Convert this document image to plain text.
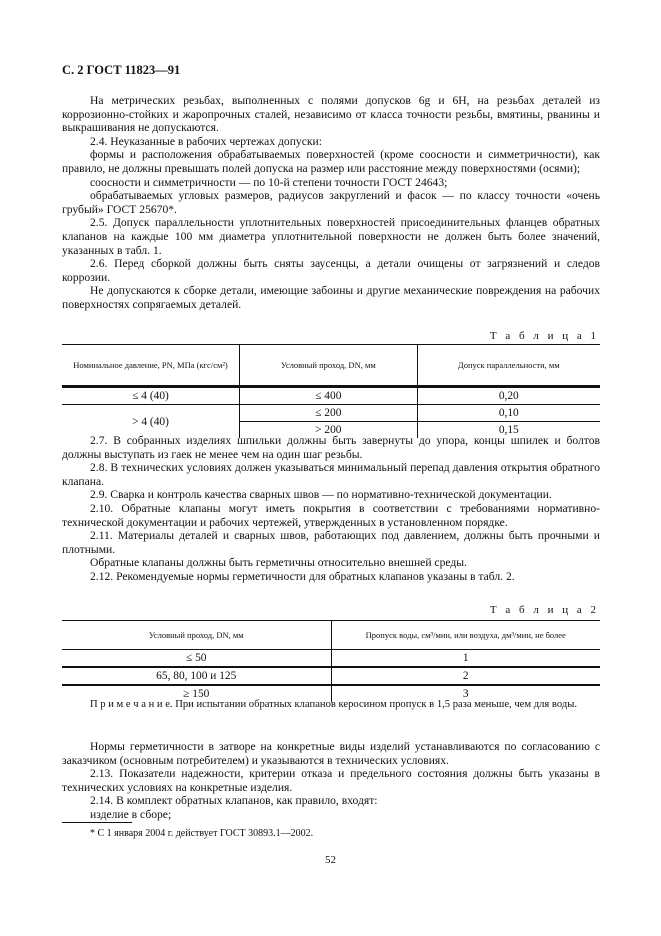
С. 2 ГОСТ 11823—91

На метрических резьбах, выполненных с полями допусков 6g и 6H, на резьбах деталей из коррозионно-стойких и жаропрочных сталей, независимо от класса точности резьбы, вмятины, рванины и выкрашивания не допускаются.

2.4. Неуказанные в рабочих чертежах допуски:

формы и расположения обрабатываемых поверхностей (кроме соосности и симметричности), как правило, не должны превышать полей допуска на размер или расстояние между поверхностями (осями);

соосности и симметричности — по 10-й степени точности ГОСТ 24643;

обрабатываемых угловых размеров, радиусов закруглений и фасок — по классу точности «очень грубый» ГОСТ 25670*.

2.5. Допуск параллельности уплотнительных поверхностей присоединительных фланцев обратных клапанов на каждые 100 мм диаметра уплотнительной поверхности не должен быть более значений, указанных в табл. 1.

2.6. Перед сборкой должны быть сняты заусенцы, а детали очищены от загрязнений и следов коррозии.

Не допускаются к сборке детали, имеющие забоины и другие механические повреждения на рабочих поверхностях сопрягаемых деталей.

Т а б л и ц а 1
Номинальное давление, PN, МПа (кгс/см²)	Условный проход, DN, мм	Допуск параллельности, мм
≤ 4 (40)	≤ 400	0,20
> 4 (40)	≤ 200	0,10
	> 200	0,15

2.7. В собранных изделиях шпильки должны быть завернуты до упора, концы шпилек и болтов должны выступать из гаек не менее чем на один шаг резьбы.

2.8. В технических условиях должен указываться минимальный перепад давления открытия обратного клапана.

2.9. Сварка и контроль качества сварных швов — по нормативно-технической документации.

2.10. Обратные клапаны могут иметь покрытия в соответствии с требованиями нормативно-технической документации и рабочих чертежей, утвержденных в установленном порядке.

2.11. Материалы деталей и сварных швов, работающих под давлением, должны быть прочными и плотными.

Обратные клапаны должны быть герметичны относительно внешней среды.

2.12. Рекомендуемые нормы герметичности для обратных клапанов указаны в табл. 2.

Т а б л и ц а 2
Условный проход, DN, мм	Пропуск воды, см³/мин, или воздуха, дм³/мин, не более
≤ 50	1
65, 80, 100 и 125	2
≥ 150	3

П р и м е ч а н и е. При испытании обратных клапанов керосином пропуск в 1,5 раза меньше, чем для воды.

Нормы герметичности в затворе на конкретные виды изделий устанавливаются по согласованию с заказчиком (основным потребителем) и указываются в технических условиях.

2.13. Показатели надежности, критерии отказа и предельного состояния должны быть указаны в технических условиях на конкретные изделия.

2.14. В комплект обратных клапанов, как правило, входят:

изделие в сборе;

* С 1 января 2004 г. действует ГОСТ 30893.1—2002.
52
